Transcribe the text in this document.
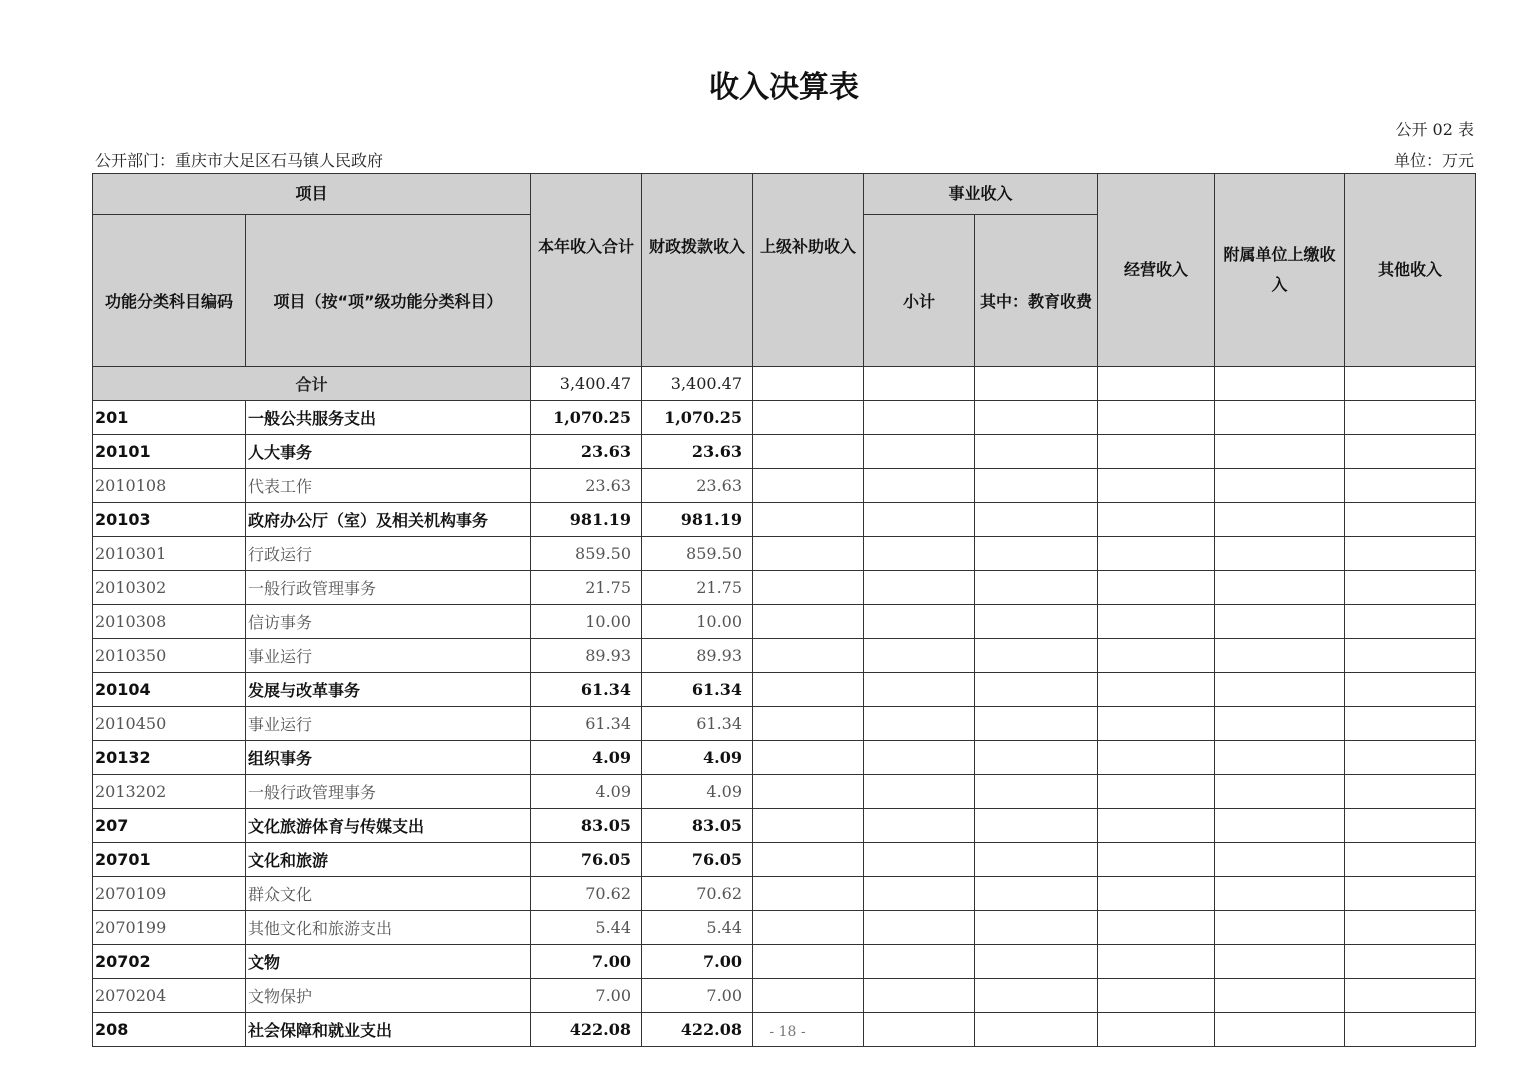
收入决算表
公开 02 表
公开部门：重庆市大足区石马镇人民政府	单位：万元
项目		本年收入合计	财政拨款收入	上级补助收入	事业收入		经营收入	附属单位上缴收入	其他收入
功能分类科目编码	项目（按“项”级功能分类科目）				小计	其中：教育收费			
合计		3,400.47	3,400.47						
201	一般公共服务支出	1,070.25	1,070.25						
20101	人大事务	23.63	23.63						
2010108	代表工作	23.63	23.63						
20103	政府办公厅（室）及相关机构事务	981.19	981.19						
2010301	行政运行	859.50	859.50						
2010302	一般行政管理事务	21.75	21.75						
2010308	信访事务	10.00	10.00						
2010350	事业运行	89.93	89.93						
20104	发展与改革事务	61.34	61.34						
2010450	事业运行	61.34	61.34						
20132	组织事务	4.09	4.09						
2013202	一般行政管理事务	4.09	4.09						
207	文化旅游体育与传媒支出	83.05	83.05						
20701	文化和旅游	76.05	76.05						
2070109	群众文化	70.62	70.62						
2070199	其他文化和旅游支出	5.44	5.44						
20702	文物	7.00	7.00						
2070204	文物保护	7.00	7.00						
208	社会保障和就业支出	422.08	422.08							- 18 -
